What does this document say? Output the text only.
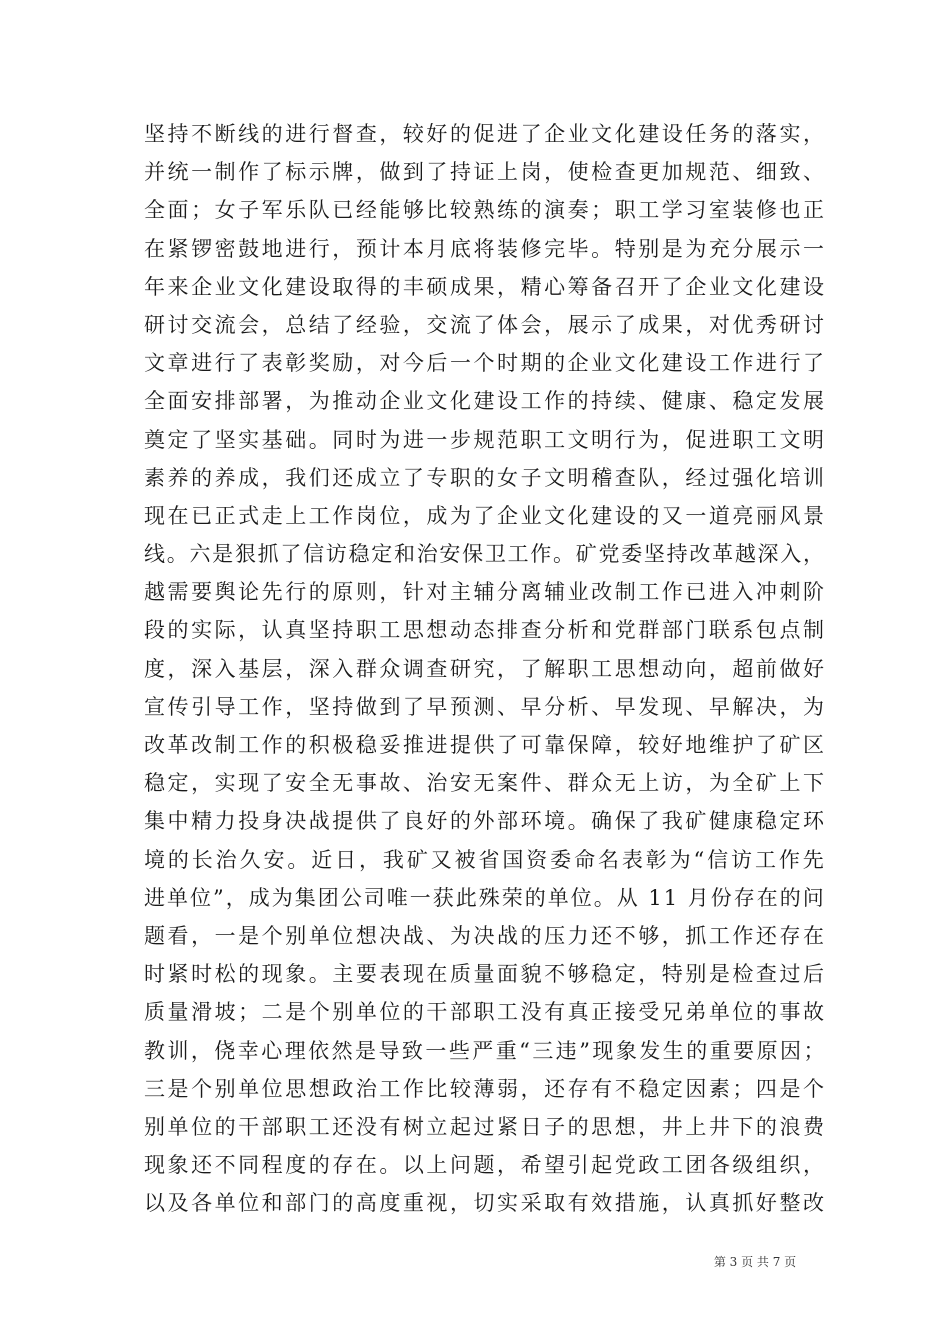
坚持不断线的进行督查，较好的促进了企业文化建设任务的落实，
并统一制作了标示牌，做到了持证上岗，使检查更加规范、细致、
全面；女子军乐队已经能够比较熟练的演奏；职工学习室装修也正
在紧锣密鼓地进行，预计本月底将装修完毕。特别是为充分展示一
年来企业文化建设取得的丰硕成果，精心筹备召开了企业文化建设
研讨交流会，总结了经验，交流了体会，展示了成果，对优秀研讨
文章进行了表彰奖励，对今后一个时期的企业文化建设工作进行了
全面安排部署，为推动企业文化建设工作的持续、健康、稳定发展
奠定了坚实基础。同时为进一步规范职工文明行为，促进职工文明
素养的养成，我们还成立了专职的女子文明稽查队，经过强化培训
现在已正式走上工作岗位，成为了企业文化建设的又一道亮丽风景
线。六是狠抓了信访稳定和治安保卫工作。矿党委坚持改革越深入，
越需要舆论先行的原则，针对主辅分离辅业改制工作已进入冲刺阶
段的实际，认真坚持职工思想动态排查分析和党群部门联系包点制
度，深入基层，深入群众调查研究，了解职工思想动向，超前做好
宣传引导工作，坚持做到了早预测、早分析、早发现、早解决，为
改革改制工作的积极稳妥推进提供了可靠保障，较好地维护了矿区
稳定，实现了安全无事故、治安无案件、群众无上访，为全矿上下
集中精力投身决战提供了良好的外部环境。确保了我矿健康稳定环
境的长治久安。近日，我矿又被省国资委命名表彰为“信访工作先
进单位”，成为集团公司唯一获此殊荣的单位。从 11 月份存在的问
题看，一是个别单位想决战、为决战的压力还不够，抓工作还存在
时紧时松的现象。主要表现在质量面貌不够稳定，特别是检查过后
质量滑坡；二是个别单位的干部职工没有真正接受兄弟单位的事故
教训，侥幸心理依然是导致一些严重“三违”现象发生的重要原因；
三是个别单位思想政治工作比较薄弱，还存有不稳定因素；四是个
别单位的干部职工还没有树立起过紧日子的思想，井上井下的浪费
现象还不同程度的存在。以上问题，希望引起党政工团各级组织，
以及各单位和部门的高度重视，切实采取有效措施，认真抓好整改
第 3 页 共 7 页
